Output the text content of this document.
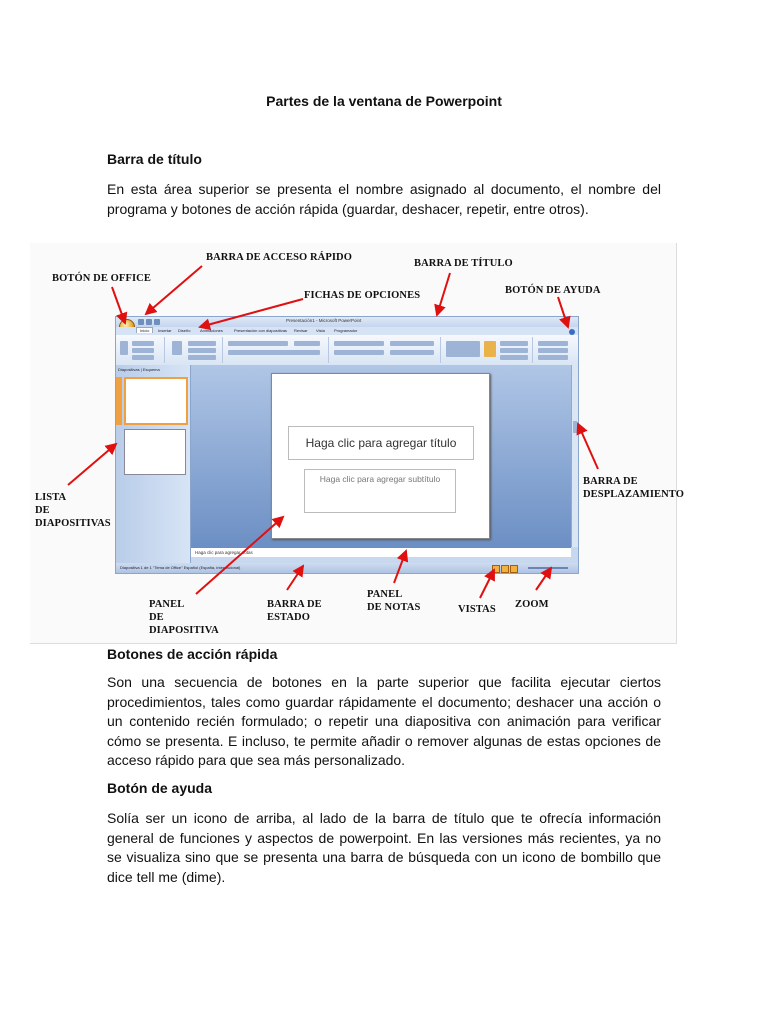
Partes de la ventana de Powerpoint
Barra de título
En esta área superior se presenta el nombre asignado al documento, el nombre del programa y botones de acción rápida (guardar, deshacer, repetir, entre otros).
Presentación1 - Microsoft PowerPoint
Inicio	Insertar Diseño Animaciones	Presentación con diapositivas Revisar Vista Programador
Diapositivas | Esquema
Haga clic para agregar título
Haga clic para agregar subtítulo
Haga clic para agregar notas
Diapositiva 1 de 1 "Tema de Office" Español (España, internacional)
BOTÓN DE OFFICE
BARRA DE ACCESO RÁPIDO
BARRA DE TÍTULO
FICHAS DE OPCIONES	BOTÓN DE AYUDA
LISTA
DE
DIAPOSITIVAS
BARRA DE
DESPLAZAMIENTO
PANEL
DE
DIAPOSITIVA
BARRA DE
ESTADO
PANEL
DE NOTAS	VISTAS ZOOM
Botones de acción rápida
Son una secuencia de botones en la parte superior que facilita ejecutar ciertos procedimientos, tales como guardar rápidamente el documento; deshacer una acción o un contenido recién formulado; o repetir una diapositiva con animación para verificar cómo se presenta. E incluso, te permite añadir o remover algunas de estas opciones de acceso rápido para que sea más personalizado.
Botón de ayuda
Solía ser un icono de arriba, al lado de la barra de título que te ofrecía información general de funciones y aspectos de powerpoint. En las versiones más recientes, ya no se visualiza sino que se presenta una barra de búsqueda con un icono de bombillo que dice tell me (dime).
